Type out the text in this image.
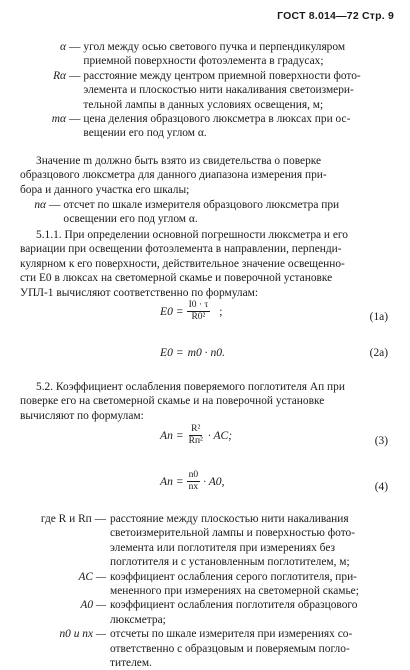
ГОСТ 8.014—72 Стр. 9
α — угол между осью светового пучка и перпендикуляром
приемной поверхности фотоэлемента в градусах;
Rα — расстояние между центром приемной поверхности фото-
элемента и плоскостью нити накаливания светоизмери-
тельной лампы в данных условиях освещения, м;
mα — цена деления образцового люксметра в люксах при ос-
вещении его под углом α.
Значение m должно быть взято из свидетельства о поверке
образцового люксметра для данного диапазона измерения при-
бора и данного участка его шкалы;
nα — отсчет по шкале измерителя образцового люксметра при
освещении его под углом α.
5.1.1. При определении основной погрешности люксметра и его
вариации при освещении фотоэлемента в направлении, перпенди-
кулярном к его поверхности, действительное значение освещенно-
сти E0 в люксах на светомерной скамье и поверочной установке
УПЛ-1 вычисляют соответственно по формулам:
$E0 = \frac{I0 \cdot \tau}{\text{R0²}}$ ;	(1а)
E0 = m0 · n0.	(2а)
5.2. Коэффициент ослабления поверяемого поглотителя Aп при
поверке его на светомерной скамье и на поверочной установке
вычисляют по формулам:
Aп = $\frac{\text{R²}}{\text{Rп²}}$ · AC;	(3)
Aп = $\frac{n0}{nx} \cdot A0$,	(4)
где R и Rп — расстояние между плоскостью нити накаливания
светоизмерительной лампы и поверхностью фото-
элемента или поглотителя при измерениях без
поглотителя и с установленным поглотителем, м;
AC — коэффициент ослабления серого поглотителя, при-
мененного при измерениях на светомерной скамье;
A0 — коэффициент ослабления поглотителя образцового
люксметра;
n0 и nx — отсчеты по шкале измерителя при измерениях со-
ответственно с образцовым и поверяемым погло-
тителем.
